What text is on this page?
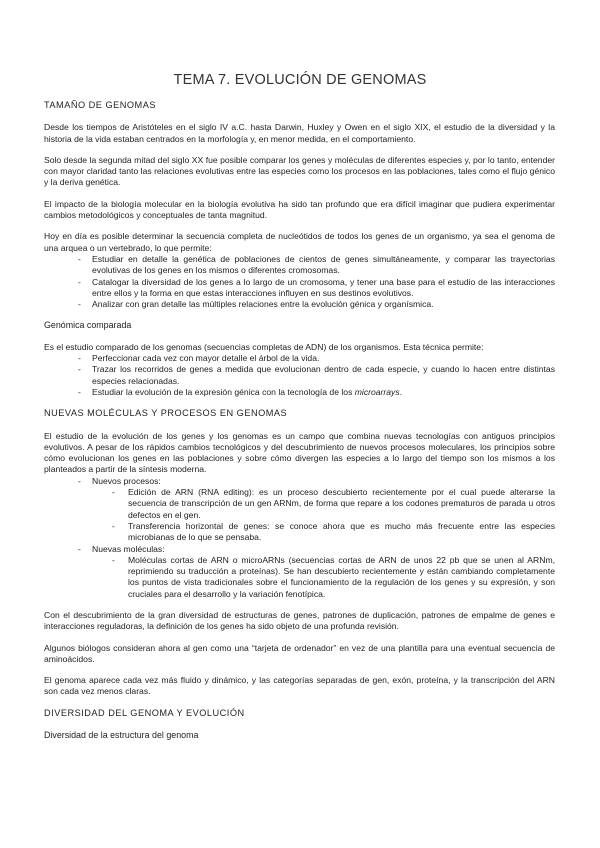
TEMA 7. EVOLUCIÓN DE GENOMAS
TAMAÑO DE GENOMAS

Desde los tiempos de Aristóteles en el siglo IV a.C. hasta Darwin, Huxley y Owen en el siglo XIX, el estudio de la diversidad y la historia de la vida estaban centrados en la morfología y, en menor medida, en el comportamiento.

Solo desde la segunda mitad del siglo XX fue posible comparar los genes y moléculas de diferentes especies y, por lo tanto, entender con mayor claridad tanto las relaciones evolutivas entre las especies como los procesos en las poblaciones, tales como el flujo génico y la deriva genética.

El impacto de la biología molecular en la biología evolutiva ha sido tan profundo que era difícil imaginar que pudiera experimentar cambios metodológicos y conceptuales de tanta magnitud.

Hoy en día es posible determinar la secuencia completa de nucleótidos de todos los genes de un organismo, ya sea el genoma de una arquea o un vertebrado, lo que permite:

- Estudiar en detalle la genética de poblaciones de cientos de genes simultáneamente, y comparar las trayectorias evolutivas de los genes en los mismos o diferentes cromosomas.
- Catalogar la diversidad de los genes a lo largo de un cromosoma, y tener una base para el estudio de las interacciones entre ellos y la forma en que estas interacciones influyen en sus destinos evolutivos.
- Analizar con gran detalle las múltiples relaciones entre la evolución génica y organísmica.
Genómica comparada

Es el estudio comparado de los genomas (secuencias completas de ADN) de los organismos. Esta técnica permite:

- Perfeccionar cada vez con mayor detalle el árbol de la vida.
- Trazar los recorridos de genes a medida que evolucionan dentro de cada especie, y cuando lo hacen entre distintas especies relacionadas.
- Estudiar la evolución de la expresión génica con la tecnología de los microarrays.
NUEVAS MOLÉCULAS Y PROCESOS EN GENOMAS

El estudio de la evolución de los genes y los genomas es un campo que combina nuevas tecnologías con antiguos principios evolutivos. A pesar de los rápidos cambios tecnológicos y del descubrimiento de nuevos procesos moleculares, los principios sobre cómo evolucionan los genes en las poblaciones y sobre cómo divergen las especies a lo largo del tiempo son los mismos a los planteados a partir de la síntesis moderna.

- Nuevos procesos:
- Edición de ARN (RNA editing): es un proceso descubierto recientemente por el cual puede alterarse la secuencia de transcripción de un gen ARNm, de forma que repare a los codones prematuros de parada u otros defectos en el gen.
- Transferencia horizontal de genes: se conoce ahora que es mucho más frecuente entre las especies microbianas de lo que se pensaba.
- Nuevas moléculas:
- Moléculas cortas de ARN o microARNs (secuencias cortas de ARN de unos 22 pb que se unen al ARNm, reprimiendo su traducción a proteínas). Se han descubierto recientemente y están cambiando completamente los puntos de vista tradicionales sobre el funcionamiento de la regulación de los genes y su expresión, y son cruciales para el desarrollo y la variación fenotípica.

Con el descubrimiento de la gran diversidad de estructuras de genes, patrones de duplicación, patrones de empalme de genes e interacciones reguladoras, la definición de los genes ha sido objeto de una profunda revisión.

Algunos biólogos consideran ahora al gen como una “tarjeta de ordenador” en vez de una plantilla para una eventual secuencia de aminoácidos.

El genoma aparece cada vez más fluido y dinámico, y las categorías separadas de gen, exón, proteína, y la transcripción del ARN son cada vez menos claras.

DIVERSIDAD DEL GENOMA Y EVOLUCIÓN
Diversidad de la estructura del genoma
